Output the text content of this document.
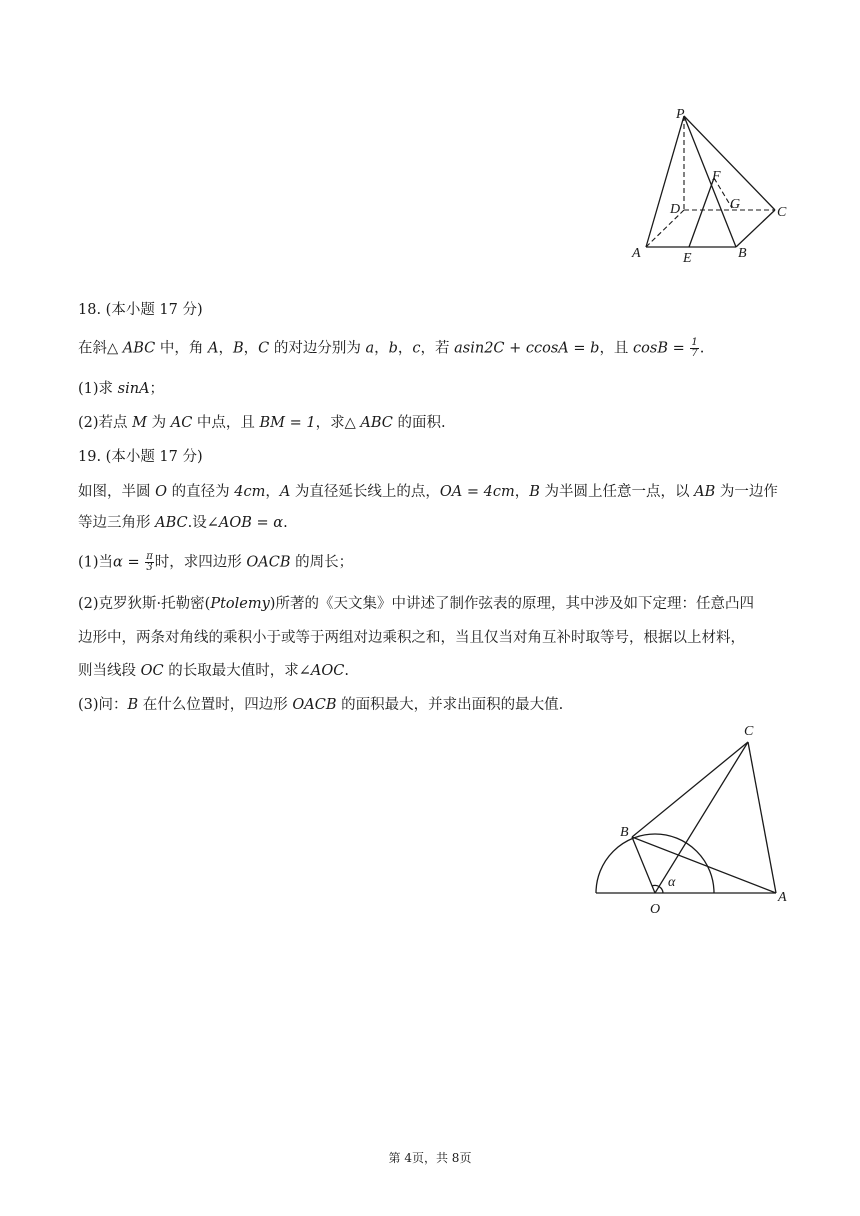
P
F
D	G
C
A	E	B
18. (本小题 17 分)
在斜△ ABC 中，角 A，B，C 的对边分别为 a，b，c，若 asin2C + ccosA = b，且 $\cos B = \frac{1}{7}$ .
(1)求 sinA；
(2)若点 M 为 AC 中点，且 BM = 1，求△ ABC 的面积.
19. (本小题 17 分)
如图，半圆 O 的直径为 4cm，A 为直径延长线上的点，OA = 4cm，B 为半圆上任意一点，以 AB 为一边作
等边三角形 ABC.设∠AOB = α.
(1)当$\alpha = \frac{\pi}{3}$ 时，求四边形 OACB 的周长；
(2)克罗狄斯·托勒密(Ptolemy)所著的《天文集》中讲述了制作弦表的原理，其中涉及如下定理：任意凸四
边形中，两条对角线的乘积小于或等于两组对边乘积之和，当且仅当对角互补时取等号，根据以上材料，
则当线段 OC 的长取最大值时，求∠AOC.
(3)问：B 在什么位置时，四边形 OACB 的面积最大，并求出面积的最大值.
C
B
α
O
A
第 4页，共 8页
